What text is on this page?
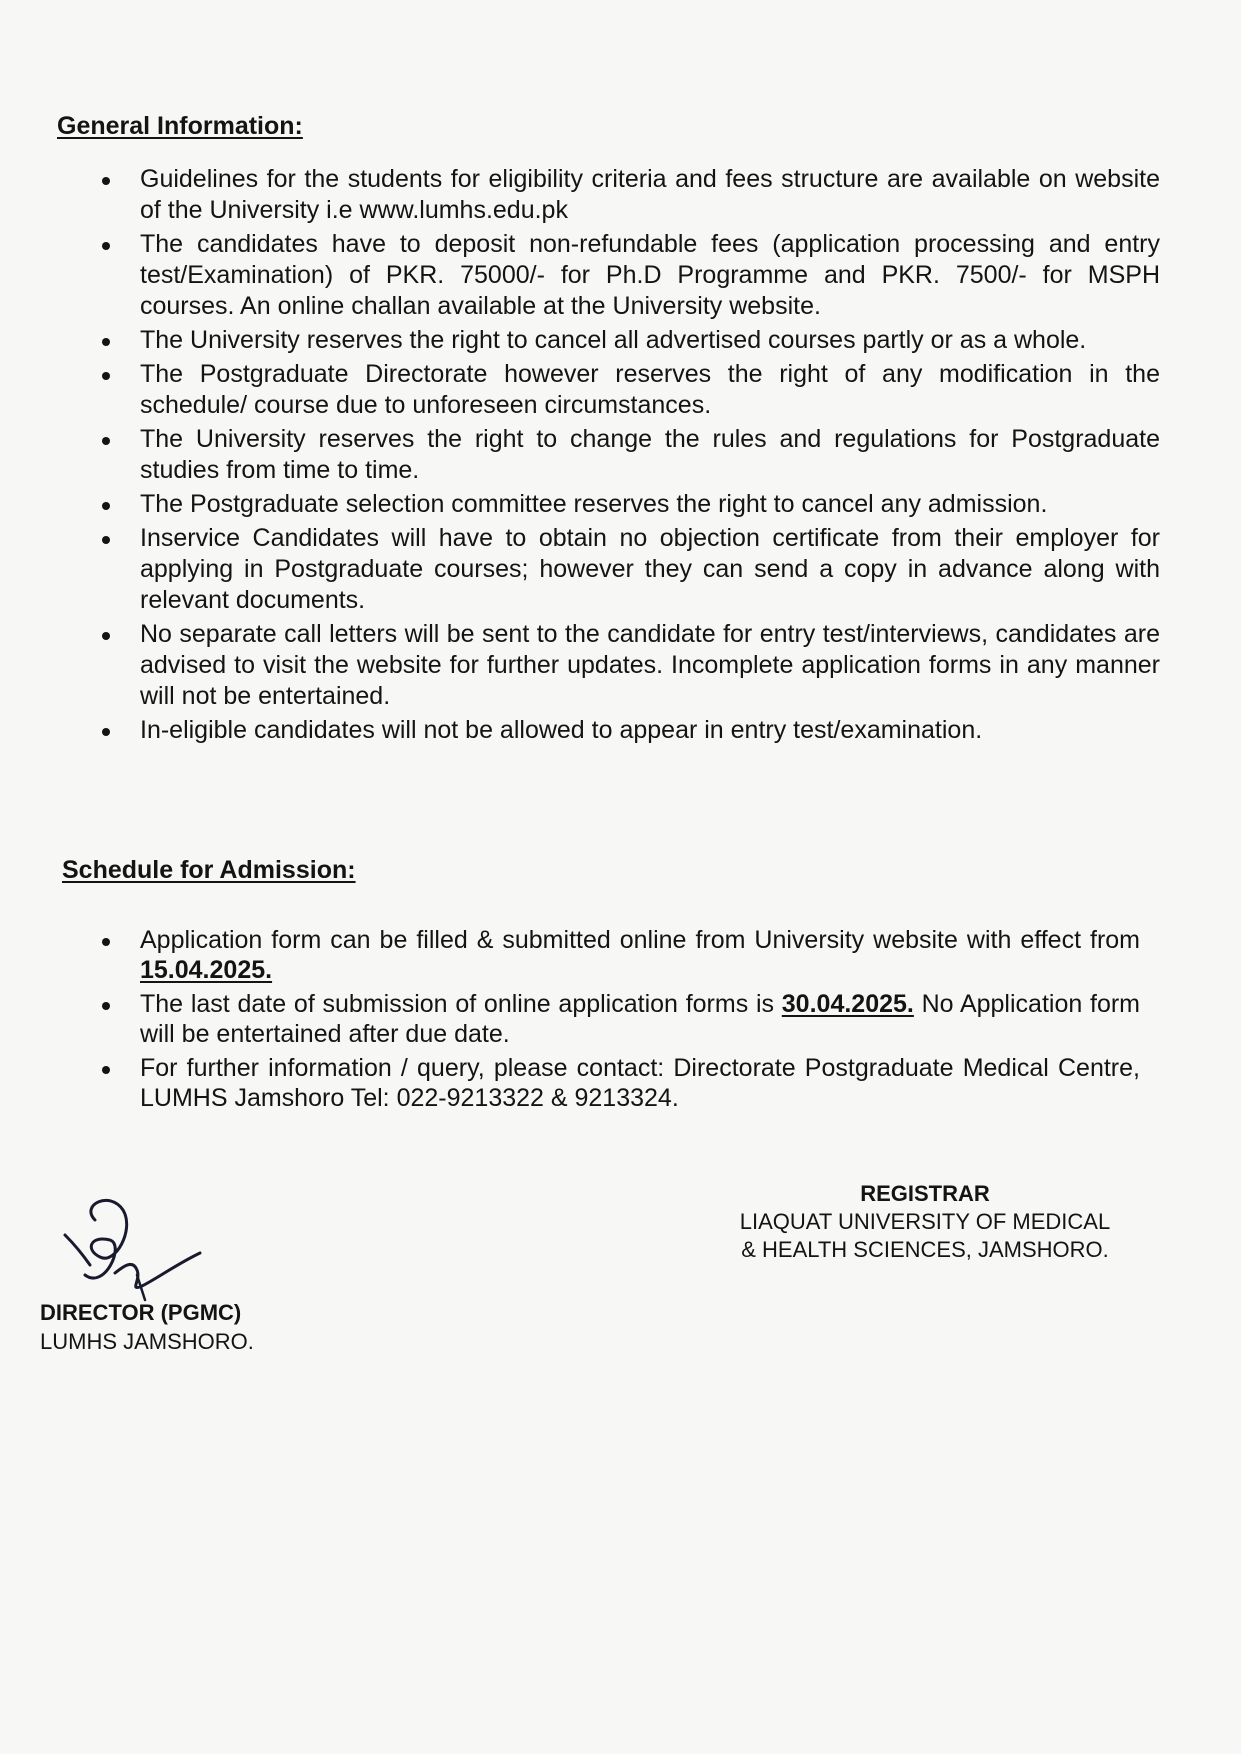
General Information:
Guidelines for the students for eligibility criteria and fees structure are available on website of the University i.e www.lumhs.edu.pk
The candidates have to deposit non-refundable fees (application processing and entry test/Examination) of PKR. 75000/- for Ph.D Programme and PKR. 7500/- for MSPH courses. An online challan available at the University website.
The University reserves the right to cancel all advertised courses partly or as a whole.
The Postgraduate Directorate however reserves the right of any modification in the schedule/ course due to unforeseen circumstances.
The University reserves the right to change the rules and regulations for Postgraduate studies from time to time.
The Postgraduate selection committee reserves the right to cancel any admission.
Inservice Candidates will have to obtain no objection certificate from their employer for applying in Postgraduate courses; however they can send a copy in advance along with relevant documents.
No separate call letters will be sent to the candidate for entry test/interviews, candidates are advised to visit the website for further updates. Incomplete application forms in any manner will not be entertained.
In-eligible candidates will not be allowed to appear in entry test/examination.
Schedule for Admission:
Application form can be filled & submitted online from University website with effect from 15.04.2025.
The last date of submission of online application forms is 30.04.2025. No Application form will be entertained after due date.
For further information / query, please contact: Directorate Postgraduate Medical Centre, LUMHS Jamshoro Tel: 022-9213322 & 9213324.
REGISTRAR
LIAQUAT UNIVERSITY OF MEDICAL
& HEALTH SCIENCES, JAMSHORO.
DIRECTOR (PGMC)
LUMHS JAMSHORO.
